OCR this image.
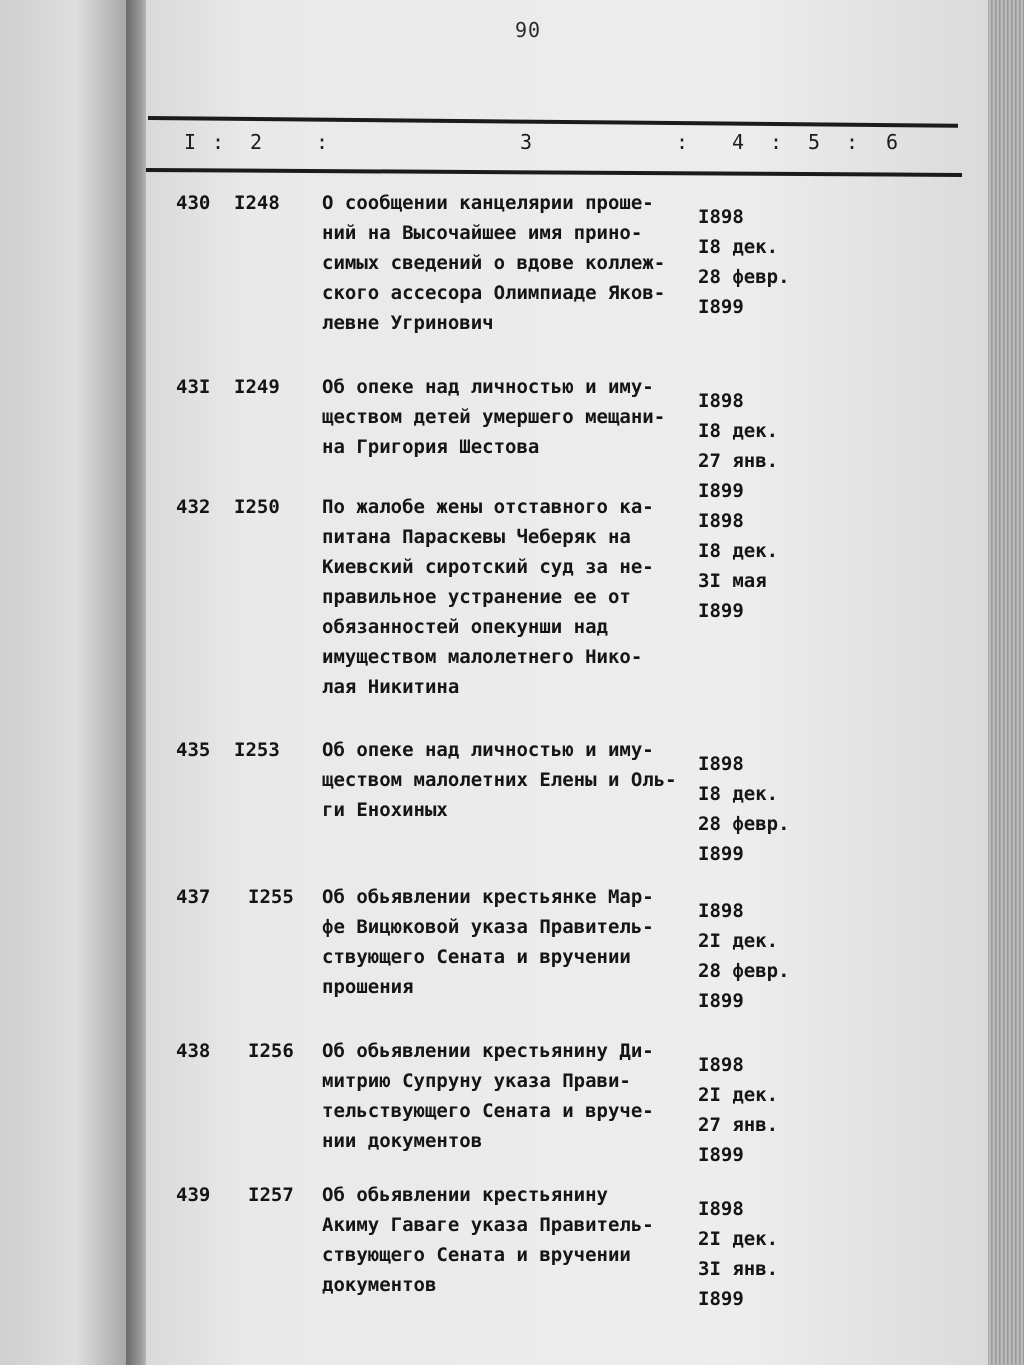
90
I : 2	:	3	: 4 : 5 : 6
430 I248 О сообщении канцелярии проше-
ний на Высочайшее имя прино-
симых сведений о вдове коллеж-
ского ассесора Олимпиаде Яков-
левне Угринович
I898
I8 дек.
28 февр.
I899
43I I249 Об опеке над личностью и иму-
ществом детей умершего мещани-
на Григория Шестова
I898
I8 дек.
27 янв.
I899
432 I250 По жалобе жены отставного ка-
питана Параскевы Чеберяк на
Киевский сиротский суд за не-
правильное устранение ее от
обязанностей опекунши над
имуществом малолетнего Нико-
лая Никитина
I898
I8 дек.
3I мая
I899
435 I253 Об опеке над личностью и иму-
ществом малолетних Елены и Оль-
ги Енохиных
I898
I8 дек.
28 февр.
I899
437 I255 Об обьявлении крестьянке Мар-
фе Вицюковой указа Правитель-
ствующего Сената и вручении
прошения
I898
2I дек.
28 февр.
I899
438 I256 Об обьявлении крестьянину Ди-
митрию Супруну указа Прави-
тельствующего Сената и вруче-
нии документов
I898
2I дек.
27 янв.
I899
439 I257 Об обьявлении крестьянину
Акиму Гаваге указа Правитель-
ствующего Сената и вручении
документов
I898
2I дек.
3I янв.
I899
